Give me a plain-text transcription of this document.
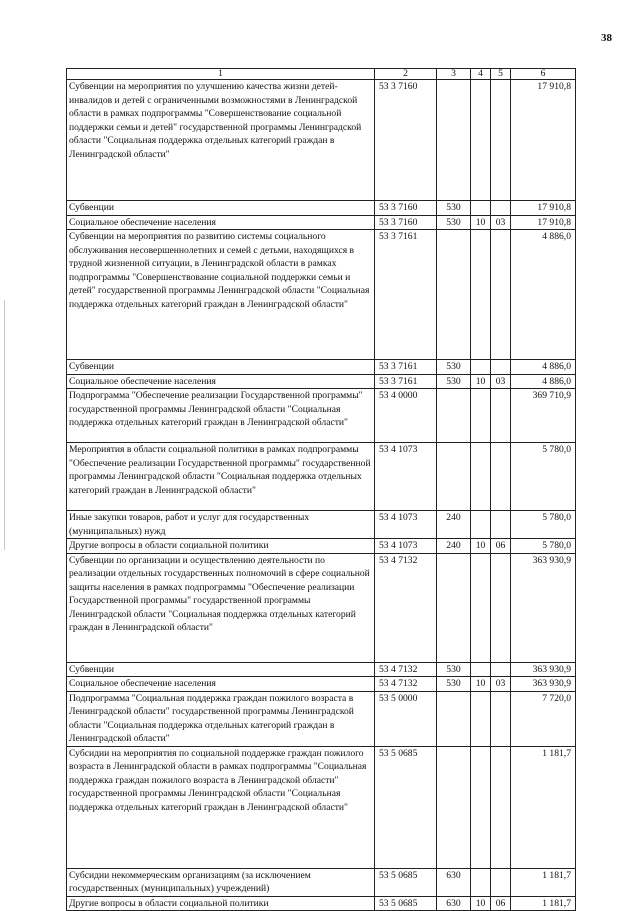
38
1	2	3	4	5	6
Субвенции на мероприятия по улучшению качества жизни детей-инвалидов и детей с ограниченными возможностями в Ленинградской области в рамках подпрограммы "Совершенствование социальной поддержки семьи и детей" государственной программы Ленинградской области "Социальная поддержка отдельных категорий граждан в Ленинградской области"	53 3 7160				17 910,8
Субвенции	53 3 7160	530			17 910,8
Социальное обеспечение населения	53 3 7160	530	10	03	17 910,8
Субвенции на мероприятия по развитию системы социального обслуживания несовершеннолетних и семей с детьми, находящихся в трудной жизненной ситуации, в Ленинградской области в рамках подпрограммы "Совершенствование социальной поддержки семьи и детей" государственной программы Ленинградской области "Социальная поддержка отдельных категорий граждан в Ленинградской области"	53 3 7161				4 886,0
Субвенции	53 3 7161	530			4 886,0
Социальное обеспечение населения	53 3 7161	530	10	03	4 886,0
Подпрограмма "Обеспечение реализации Государственной программы" государственной программы Ленинградской области "Социальная поддержка отдельных категорий граждан в Ленинградской области"	53 4 0000				369 710,9
Мероприятия в области социальной политики в рамках подпрограммы "Обеспечение реализации Государственной программы" государственной программы Ленинградской области "Социальная поддержка отдельных категорий граждан в Ленинградской области"	53 4 1073				5 780,0
Иные закупки товаров, работ и услуг для государственных (муниципальных) нужд	53 4 1073	240			5 780,0
Другие вопросы в области социальной политики	53 4 1073	240	10	06	5 780,0
Субвенции по организации и осуществлению деятельности по реализации отдельных государственных полномочий в сфере социальной защиты населения в рамках подпрограммы "Обеспечение реализации Государственной программы" государственной программы Ленинградской области "Социальная поддержка отдельных категорий граждан в Ленинградской области"	53 4 7132				363 930,9
Субвенции	53 4 7132	530			363 930,9
Социальное обеспечение населения	53 4 7132	530	10	03	363 930,9
Подпрограмма "Социальная поддержка граждан пожилого возраста в Ленинградской области" государственной программы Ленинградской области "Социальная поддержка отдельных категорий граждан в Ленинградской области"	53 5 0000				7 720,0
Субсидии на мероприятия по социальной поддержке граждан пожилого возраста в Ленинградской области в рамках подпрограммы "Социальная поддержка граждан пожилого возраста в Ленинградской области" государственной программы Ленинградской области "Социальная поддержка отдельных категорий граждан в Ленинградской области"	53 5 0685				1 181,7
Субсидии некоммерческим организациям (за исключением государственных (муниципальных) учреждений)	53 5 0685	630			1 181,7
Другие вопросы в области социальной политики	53 5 0685	630	10	06	1 181,7
